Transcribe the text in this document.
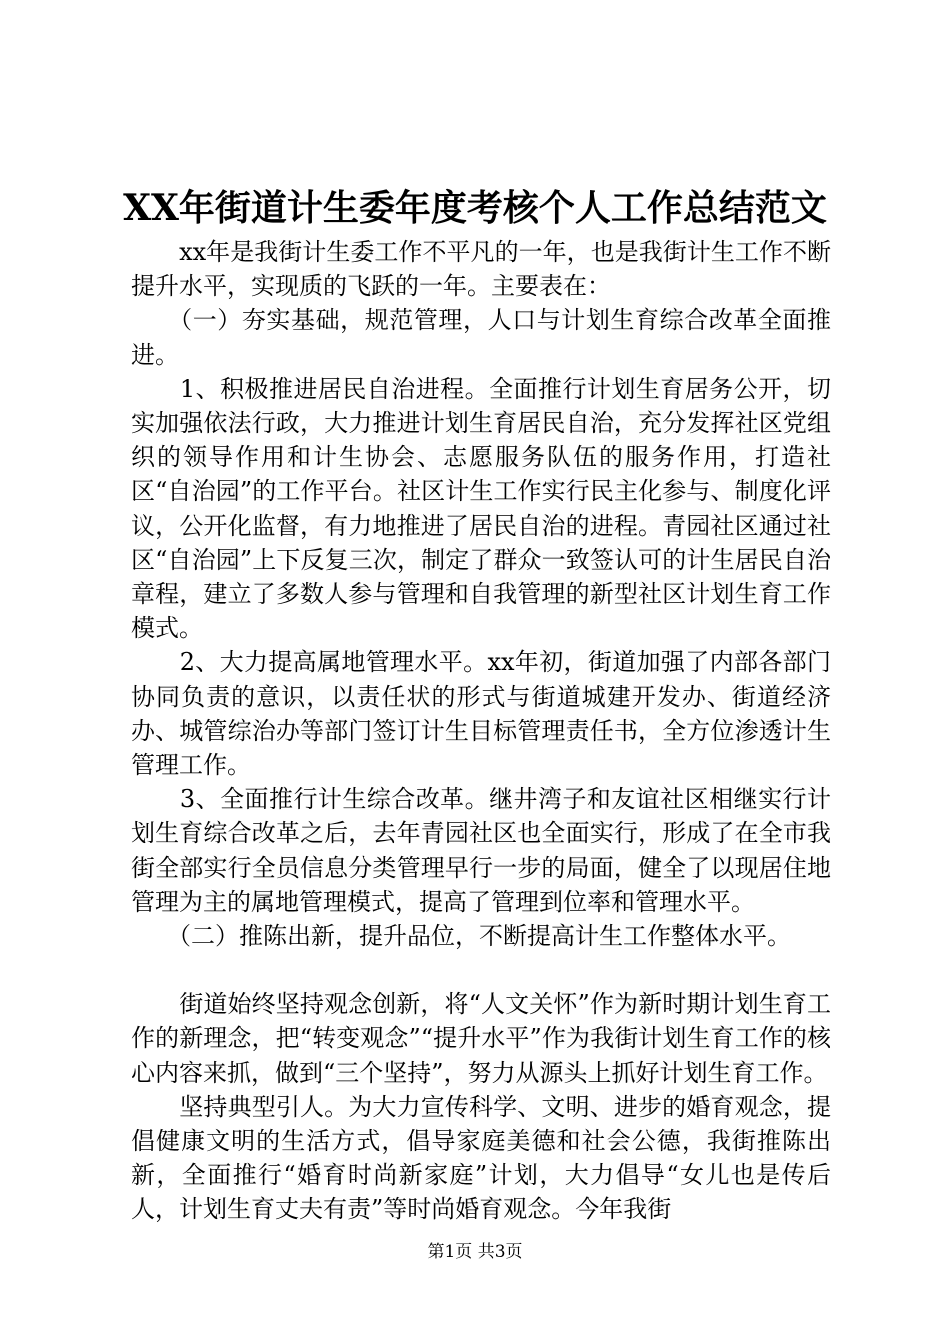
XX年街道计生委年度考核个人工作总结范文

　　xx年是我街计生委工作不平凡的一年，也是我街计生工作不断提升水平，实现质的飞跃的一年。主要表在：

　　（一）夯实基础，规范管理，人口与计划生育综合改革全面推进。

　　1、积极推进居民自治进程。全面推行计划生育居务公开，切实加强依法行政，大力推进计划生育居民自治，充分发挥社区党组织的领导作用和计生协会、志愿服务队伍的服务作用，打造社区“自治园”的工作平台。社区计生工作实行民主化参与、制度化评议，公开化监督，有力地推进了居民自治的进程。青园社区通过社区“自治园”上下反复三次，制定了群众一致签认可的计生居民自治章程，建立了多数人参与管理和自我管理的新型社区计划生育工作模式。

　　2、大力提高属地管理水平。xx年初，街道加强了内部各部门协同负责的意识，以责任状的形式与街道城建开发办、街道经济办、城管综治办等部门签订计生目标管理责任书，全方位渗透计生管理工作。

　　3、全面推行计生综合改革。继井湾子和友谊社区相继实行计划生育综合改革之后，去年青园社区也全面实行，形成了在全市我街全部实行全员信息分类管理早行一步的局面，健全了以现居住地管理为主的属地管理模式，提高了管理到位率和管理水平。

　　（二）推陈出新，提升品位，不断提高计生工作整体水平。

　　街道始终坚持观念创新，将“人文关怀”作为新时期计划生育工作的新理念，把“转变观念”“提升水平”作为我街计划生育工作的核心内容来抓，做到“三个坚持”，努力从源头上抓好计划生育工作。

　　坚持典型引人。为大力宣传科学、文明、进步的婚育观念，提倡健康文明的生活方式，倡导家庭美德和社会公德，我街推陈出新，全面推行“婚育时尚新家庭”计划，大力倡导“女儿也是传后人，计划生育丈夫有责”等时尚婚育观念。今年我街

第1页 共3页
